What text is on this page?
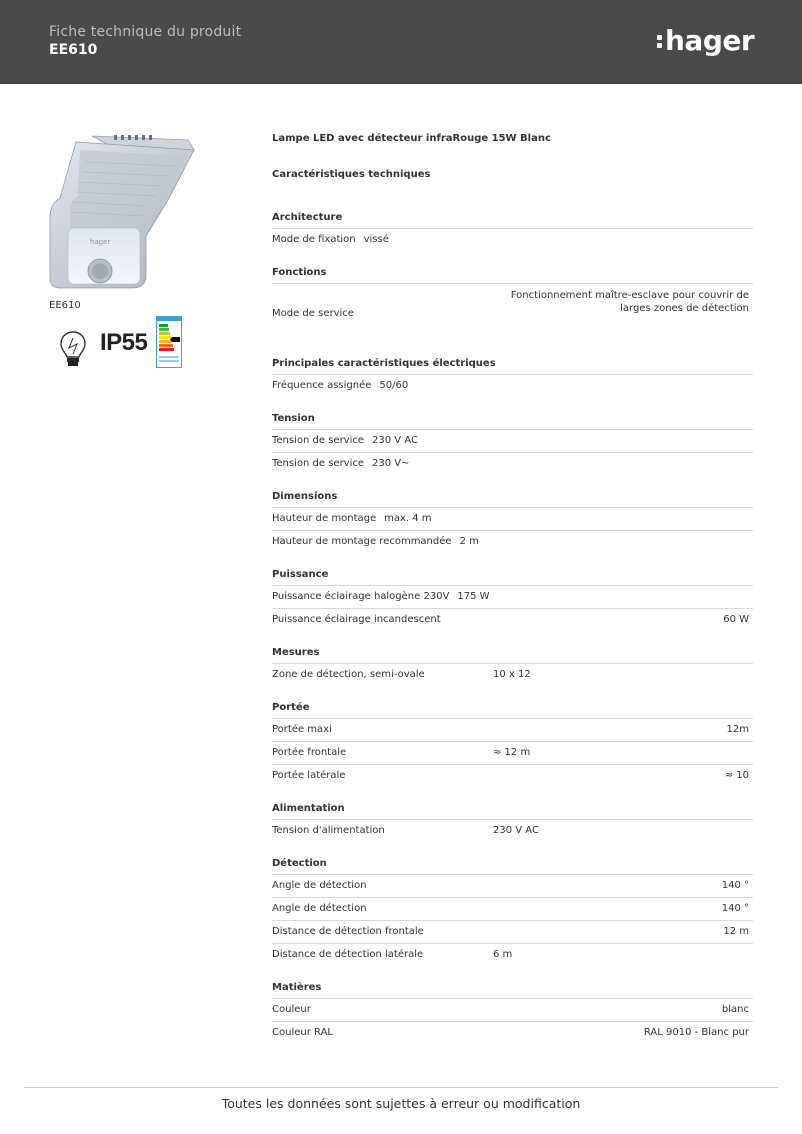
Fiche technique du produit
EE610	hager
hager
EE610
IP55
Lampe LED avec détecteur infraRouge 15W Blanc
Caractéristiques techniques
Architecture
Mode de fixation vissé
Fonctions
Mode de service
Fonctionnement maître-esclave pour couvrir de larges zones de détection
Principales caractéristiques électriques
Fréquence assignée 50/60
Tension
Tension de service 230 V AC
Tension de service 230 V~
Dimensions
Hauteur de montage max. 4 m
Hauteur de montage recommandée 2 m
Puissance
Puissance éclairage halogène 230V 175 W
Puissance éclairage incandescent	60 W
Mesures
Zone de détection, semi-ovale	10 x 12
Portée
Portée maxi	12m
Portée frontale	≈ 12 m
Portée latérale	≈ 10
Alimentation
Tension d'alimentation	230 V AC
Détection
Angle de détection	140 °
Angle de détection	140 °
Distance de détection frontale	12 m
Distance de détection latérale	6 m
Matières
Couleur	blanc
Couleur RAL	RAL 9010 - Blanc pur
Toutes les données sont sujettes à erreur ou modification
